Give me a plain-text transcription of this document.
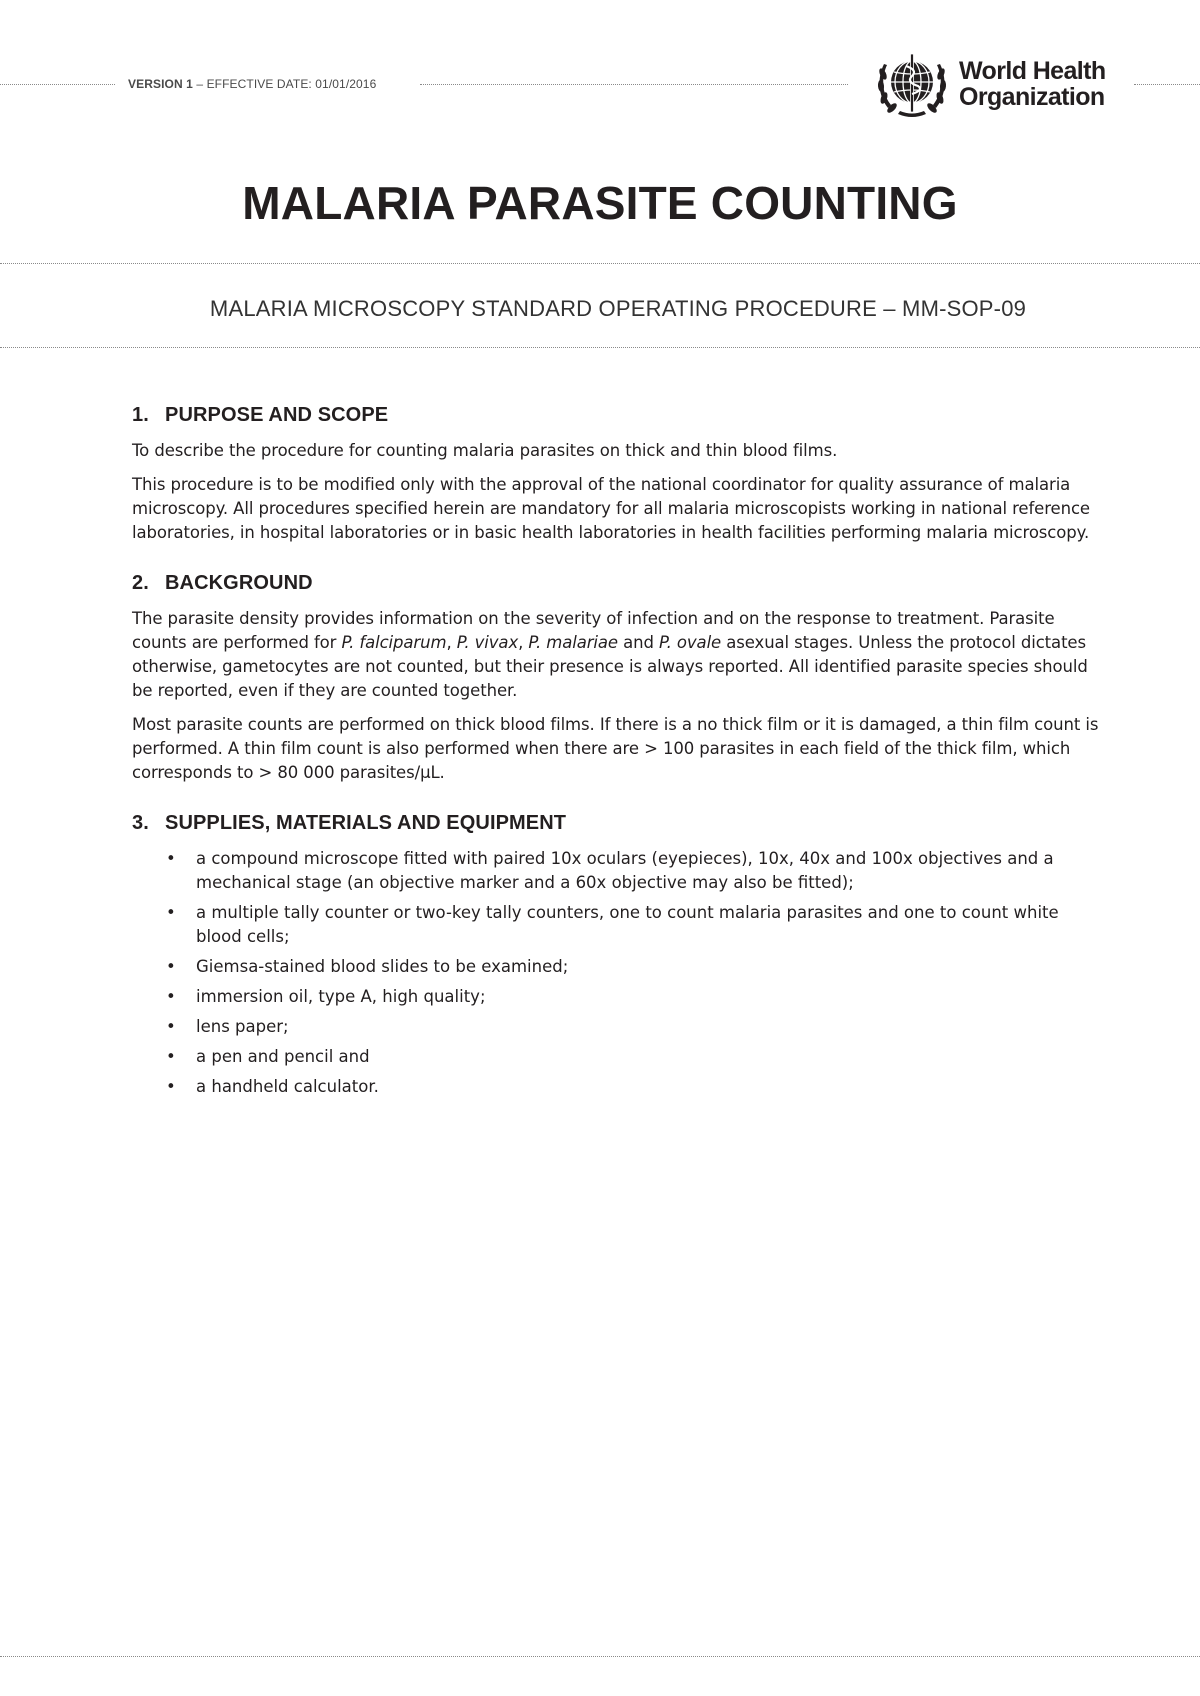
VERSION 1 – EFFECTIVE DATE: 01/01/2016	World Health
Organization
MALARIA PARASITE COUNTING
MALARIA MICROSCOPY STANDARD OPERATING PROCEDURE – MM-SOP-09
1. PURPOSE AND SCOPE

To describe the procedure for counting malaria parasites on thick and thin blood films.

This procedure is to be modified only with the approval of the national coordinator for quality assurance of malaria microscopy. All procedures specified herein are mandatory for all malaria microscopists working in national reference laboratories, in hospital laboratories or in basic health laboratories in health facilities performing malaria microscopy.

2. BACKGROUND

The parasite density provides information on the severity of infection and on the response to treatment. Parasite counts are performed for P. falciparum, P. vivax, P. malariae and P. ovale asexual stages. Unless the protocol dictates otherwise, gametocytes are not counted, but their presence is always reported. All identified parasite species should be reported, even if they are counted together.

Most parasite counts are performed on thick blood films. If there is a no thick film or it is damaged, a thin film count is performed. A thin film count is also performed when there are > 100 parasites in each field of the thick film, which corresponds to > 80 000 parasites/µL.

3. SUPPLIES, MATERIALS AND EQUIPMENT
• a compound microscope fitted with paired 10x oculars (eyepieces), 10x, 40x and 100x objectives and a mechanical stage (an objective marker and a 60x objective may also be fitted);
• a multiple tally counter or two-key tally counters, one to count malaria parasites and one to count white blood cells;
• Giemsa-stained blood slides to be examined;
• immersion oil, type A, high quality;
• lens paper;
• a pen and pencil and
• a handheld calculator.
